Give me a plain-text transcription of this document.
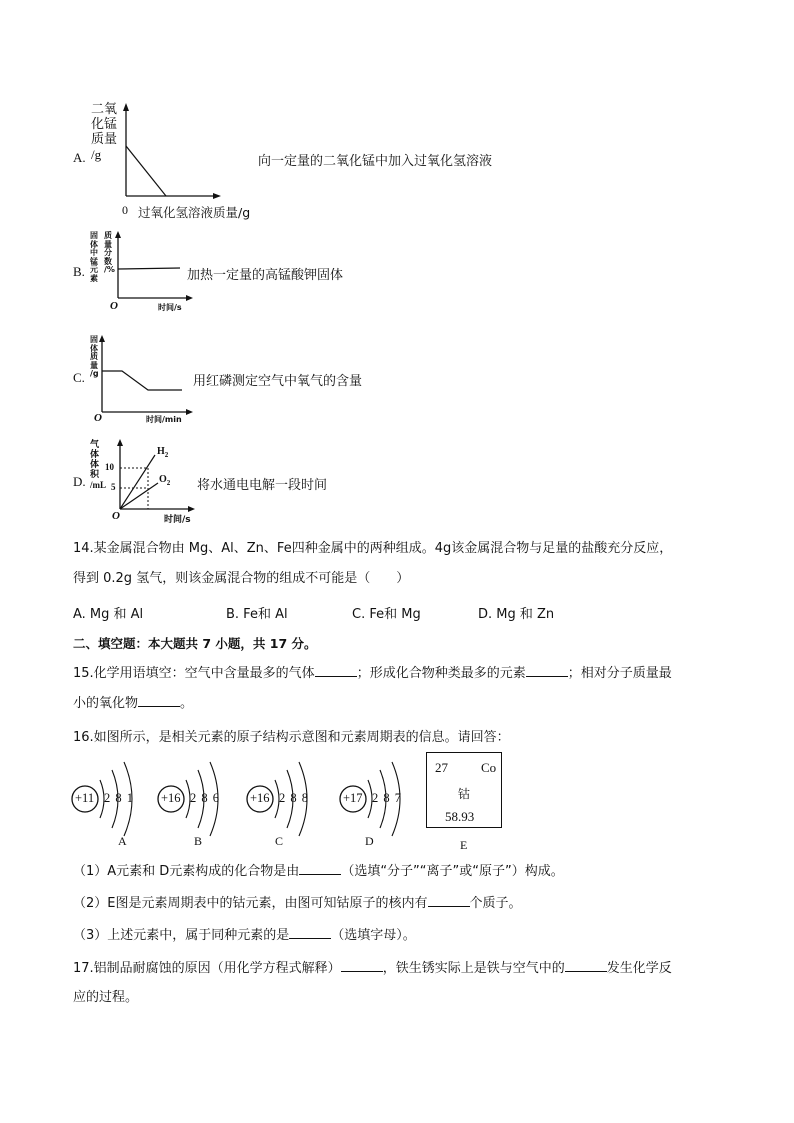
A.
二氧
化锰
质量
/g
0 过氧化氢溶液质量/g
向一定量的二氧化锰中加入过氧化氢溶液
B.
固
体
中
锰
元
素
质
量
分
数
/%
O	时间/s
加热一定量的高锰酸钾固体
C.
固
体
质
量
/g
O	时间/min
用红磷测定空气中氧气的含量
D.
气
体
体
积
/mL
10
5
$H_2$
$O_2$
O	时间/s
将水通电电解一段时间
14.某金属混合物由 Mg、Al、Zn、Fe四种金属中的两种组成。4g该金属混合物与足量的盐酸充分反应，
得到 0.2g 氢气，则该金属混合物的组成不可能是（　　）
A. Mg 和 Al	B. Fe和 Al	C. Fe和 Mg	D. Mg 和 Zn
二、填空题：本大题共 7 小题，共 17 分。
15.化学用语填空：空气中含量最多的气体	；形成化合物种类最多的元素	；相对分子质量最
小的氧化物	。
16.如图所示，是相关元素的原子结构示意图和元素周期表的信息。请回答：
+11 2 8 1
A
+16 2 8 6
B
+16 2 8 8
C
+17 2 8 7
D
27	Co
钴
58.93
E
（1）A元素和 D元素构成的化合物是由	（选填“分子”“离子”或“原子”）构成。
（2）E图是元素周期表中的钴元素，由图可知钴原子的核内有	个质子。
（3）上述元素中，属于同种元素的是	（选填字母）。
17.铝制品耐腐蚀的原因（用化学方程式解释）	，铁生锈实际上是铁与空气中的	发生化学反
应的过程。
